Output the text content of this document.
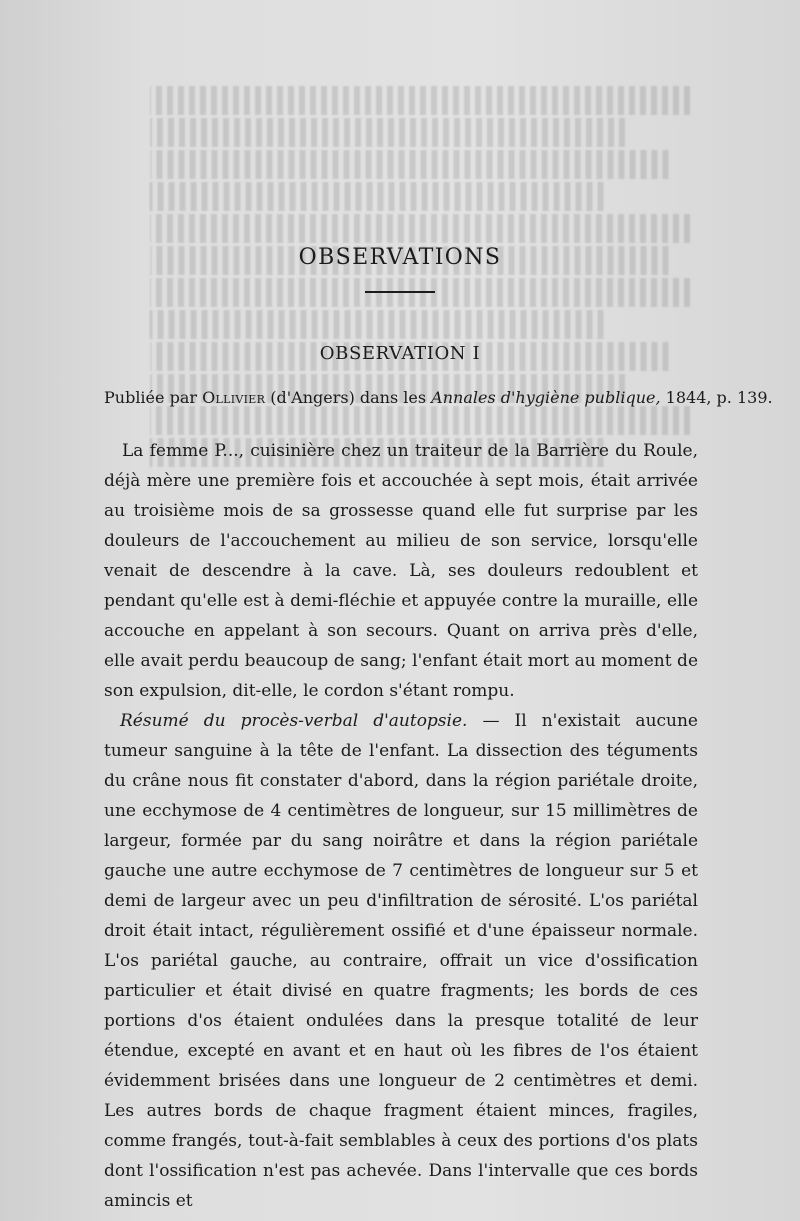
OBSERVATIONS
OBSERVATION I
Publiée par Ollivier (d'Angers) dans les Annales d'hygiène publique, 1844, p. 139.

La femme P..., cuisinière chez un traiteur de la Barrière du Roule, déjà mère une première fois et accouchée à sept mois, était arrivée au troisième mois de sa grossesse quand elle fut surprise par les douleurs de l'accouchement au milieu de son service, lorsqu'elle venait de descendre à la cave. Là, ses douleurs redoublent et pendant qu'elle est à demi-fléchie et appuyée contre la muraille, elle accouche en appelant à son secours. Quant on arriva près d'elle, elle avait perdu beaucoup de sang; l'enfant était mort au moment de son expulsion, dit-elle, le cordon s'étant rompu.

Résumé du procès-verbal d'autopsie. — Il n'existait aucune tumeur sanguine à la tête de l'enfant. La dissection des téguments du crâne nous fit constater d'abord, dans la région pariétale droite, une ecchymose de 4 centimètres de longueur, sur 15 millimètres de largeur, formée par du sang noirâtre et dans la région pariétale gauche une autre ecchymose de 7 centimètres de longueur sur 5 et demi de largeur avec un peu d'infiltration de sérosité. L'os pariétal droit était intact, régulièrement ossifié et d'une épaisseur normale. L'os pariétal gauche, au contraire, offrait un vice d'ossification particulier et était divisé en quatre fragments; les bords de ces portions d'os étaient ondulées dans la presque totalité de leur étendue, excepté en avant et en haut où les fibres de l'os étaient évidemment brisées dans une longueur de 2 centimètres et demi. Les autres bords de chaque fragment étaient minces, fragiles, comme frangés, tout-à-fait semblables à ceux des portions d'os plats dont l'ossification n'est pas achevée. Dans l'intervalle que ces bords amincis et
